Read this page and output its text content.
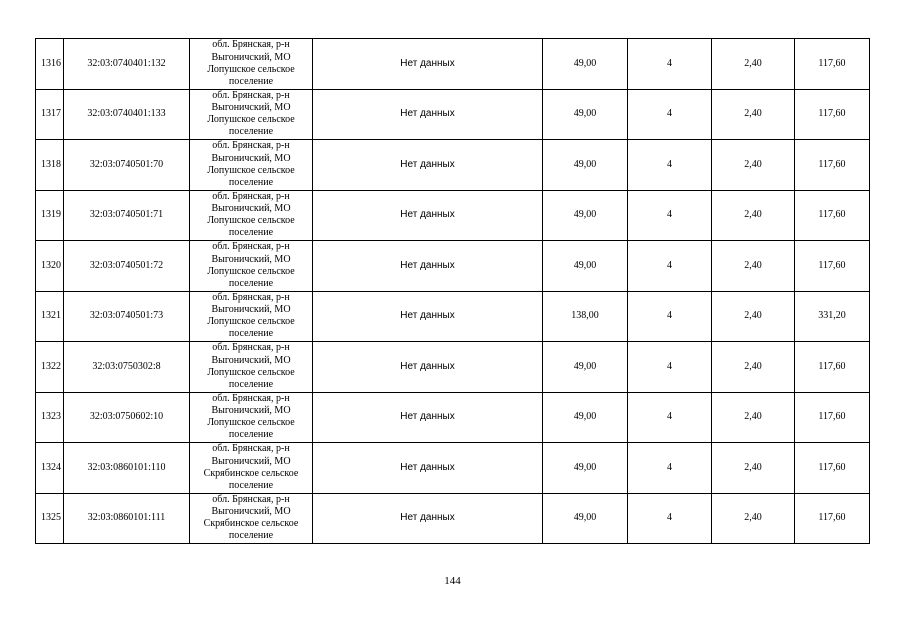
1316	32:03:0740401:132	обл. Брянская, р-н
Выгоничский, МО
Лопушское сельское
поселение	Нет данных	49,00	4	2,40	117,60
1317	32:03:0740401:133	обл. Брянская, р-н
Выгоничский, МО
Лопушское сельское
поселение	Нет данных	49,00	4	2,40	117,60
1318	32:03:0740501:70	обл. Брянская, р-н
Выгоничский, МО
Лопушское сельское
поселение	Нет данных	49,00	4	2,40	117,60
1319	32:03:0740501:71	обл. Брянская, р-н
Выгоничский, МО
Лопушское сельское
поселение	Нет данных	49,00	4	2,40	117,60
1320	32:03:0740501:72	обл. Брянская, р-н
Выгоничский, МО
Лопушское сельское
поселение	Нет данных	49,00	4	2,40	117,60
1321	32:03:0740501:73	обл. Брянская, р-н
Выгоничский, МО
Лопушское сельское
поселение	Нет данных	138,00	4	2,40	331,20
1322	32:03:0750302:8	обл. Брянская, р-н
Выгоничский, МО
Лопушское сельское
поселение	Нет данных	49,00	4	2,40	117,60
1323	32:03:0750602:10	обл. Брянская, р-н
Выгоничский, МО
Лопушское сельское
поселение	Нет данных	49,00	4	2,40	117,60
1324	32:03:0860101:110	обл. Брянская, р-н
Выгоничский, МО
Скрябинское сельское
поселение	Нет данных	49,00	4	2,40	117,60
1325	32:03:0860101:111	обл. Брянская, р-н
Выгоничский, МО
Скрябинское сельское
поселение	Нет данных	49,00	4	2,40	117,60
144
